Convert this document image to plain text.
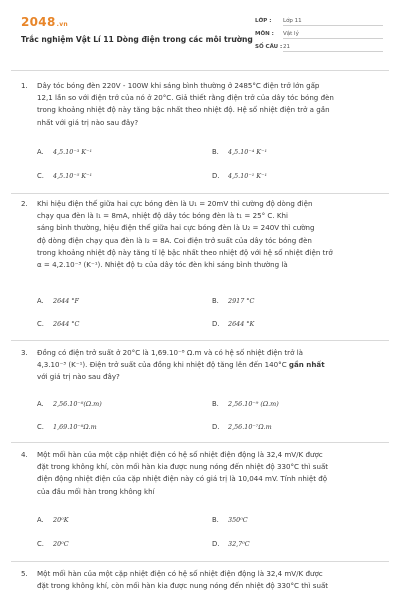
2048.vn
Trắc nghiệm Vật Lí 11 Dòng điện trong các môi trường
LỚP : Lớp 11
MÔN : Vật lý
SỐ CÂU :21
1. Dây tóc bóng đèn 220V - 100W khi sáng bình thường ở 2485°C điện trở lớn gấp
12,1 lần so với điện trở của nó ở 20°C. Giả thiết rằng điện trở của dây tóc bóng đèn
trong khoảng nhiệt độ này tăng bậc nhất theo nhiệt độ. Hệ số nhiệt điện trở a gần
nhất với giá trị nào sau đây?
A. 4,5.10⁻³ K⁻¹	B. 4,5.10⁻⁴ K⁻¹
C. 4,5.10⁻⁵ K⁻¹	D. 4,5.10⁻¹ K⁻¹
2. Khi hiệu điện thế giữa hai cực bóng đèn là U₁ = 20mV thì cường độ dòng điện
chạy qua đèn là I₁ = 8mA, nhiệt độ dây tóc bóng đèn là t₁ = 25° C. Khi
sáng bình thường, hiệu điện thế giữa hai cực bóng đèn là U₂ = 240V thì cường
độ dòng điện chạy qua đèn là I₂ = 8A. Coi điện trở suất của dây tóc bóng đèn
trong khoảng nhiệt độ này tăng tỉ lệ bậc nhất theo nhiệt độ với hệ số nhiệt điện trở
α = 4,2.10⁻³ (K⁻¹). Nhiệt độ t₂ của dây tóc đèn khi sáng bình thường là
A. 2644 °F	B. 2917 °C
C. 2644 °C	D. 2644 °K
3. Đồng có điện trở suất ở 20°C là 1,69.10⁻⁸ Ω.m và có hệ số nhiệt điện trở là
4,3.10⁻³ (K⁻¹). Điện trở suất của đồng khi nhiệt độ tăng lên đến 140°C gần nhất
với giá trị nào sau đây?
A. 2,56.10⁻⁸(Ω.m)	B. 2,56.10⁻⁹ (Ω.m)
C. 1,69.10⁻⁸Ω.m	D. 2,56.10⁻⁷Ω.m
4. Một mối hàn của một cặp nhiệt điện có hệ số nhiệt điện động là 32,4 mV/K được
đặt trong không khí, còn mối hàn kia được nung nóng đến nhiệt độ 330°C thì suất
điện động nhiệt điện của cặp nhiệt điện này có giá trị là 10,044 mV. Tính nhiệt độ
của đầu mối hàn trong không khí
A. 20⁰K	B. 350⁰C
C. 20⁰C	D. 32,7⁰C
5. Một mối hàn của một cặp nhiệt điện có hệ số nhiệt điện động là 32,4 mV/K được
đặt trong không khí, còn mối hàn kia được nung nóng đến nhiệt độ 330°C thì suất
